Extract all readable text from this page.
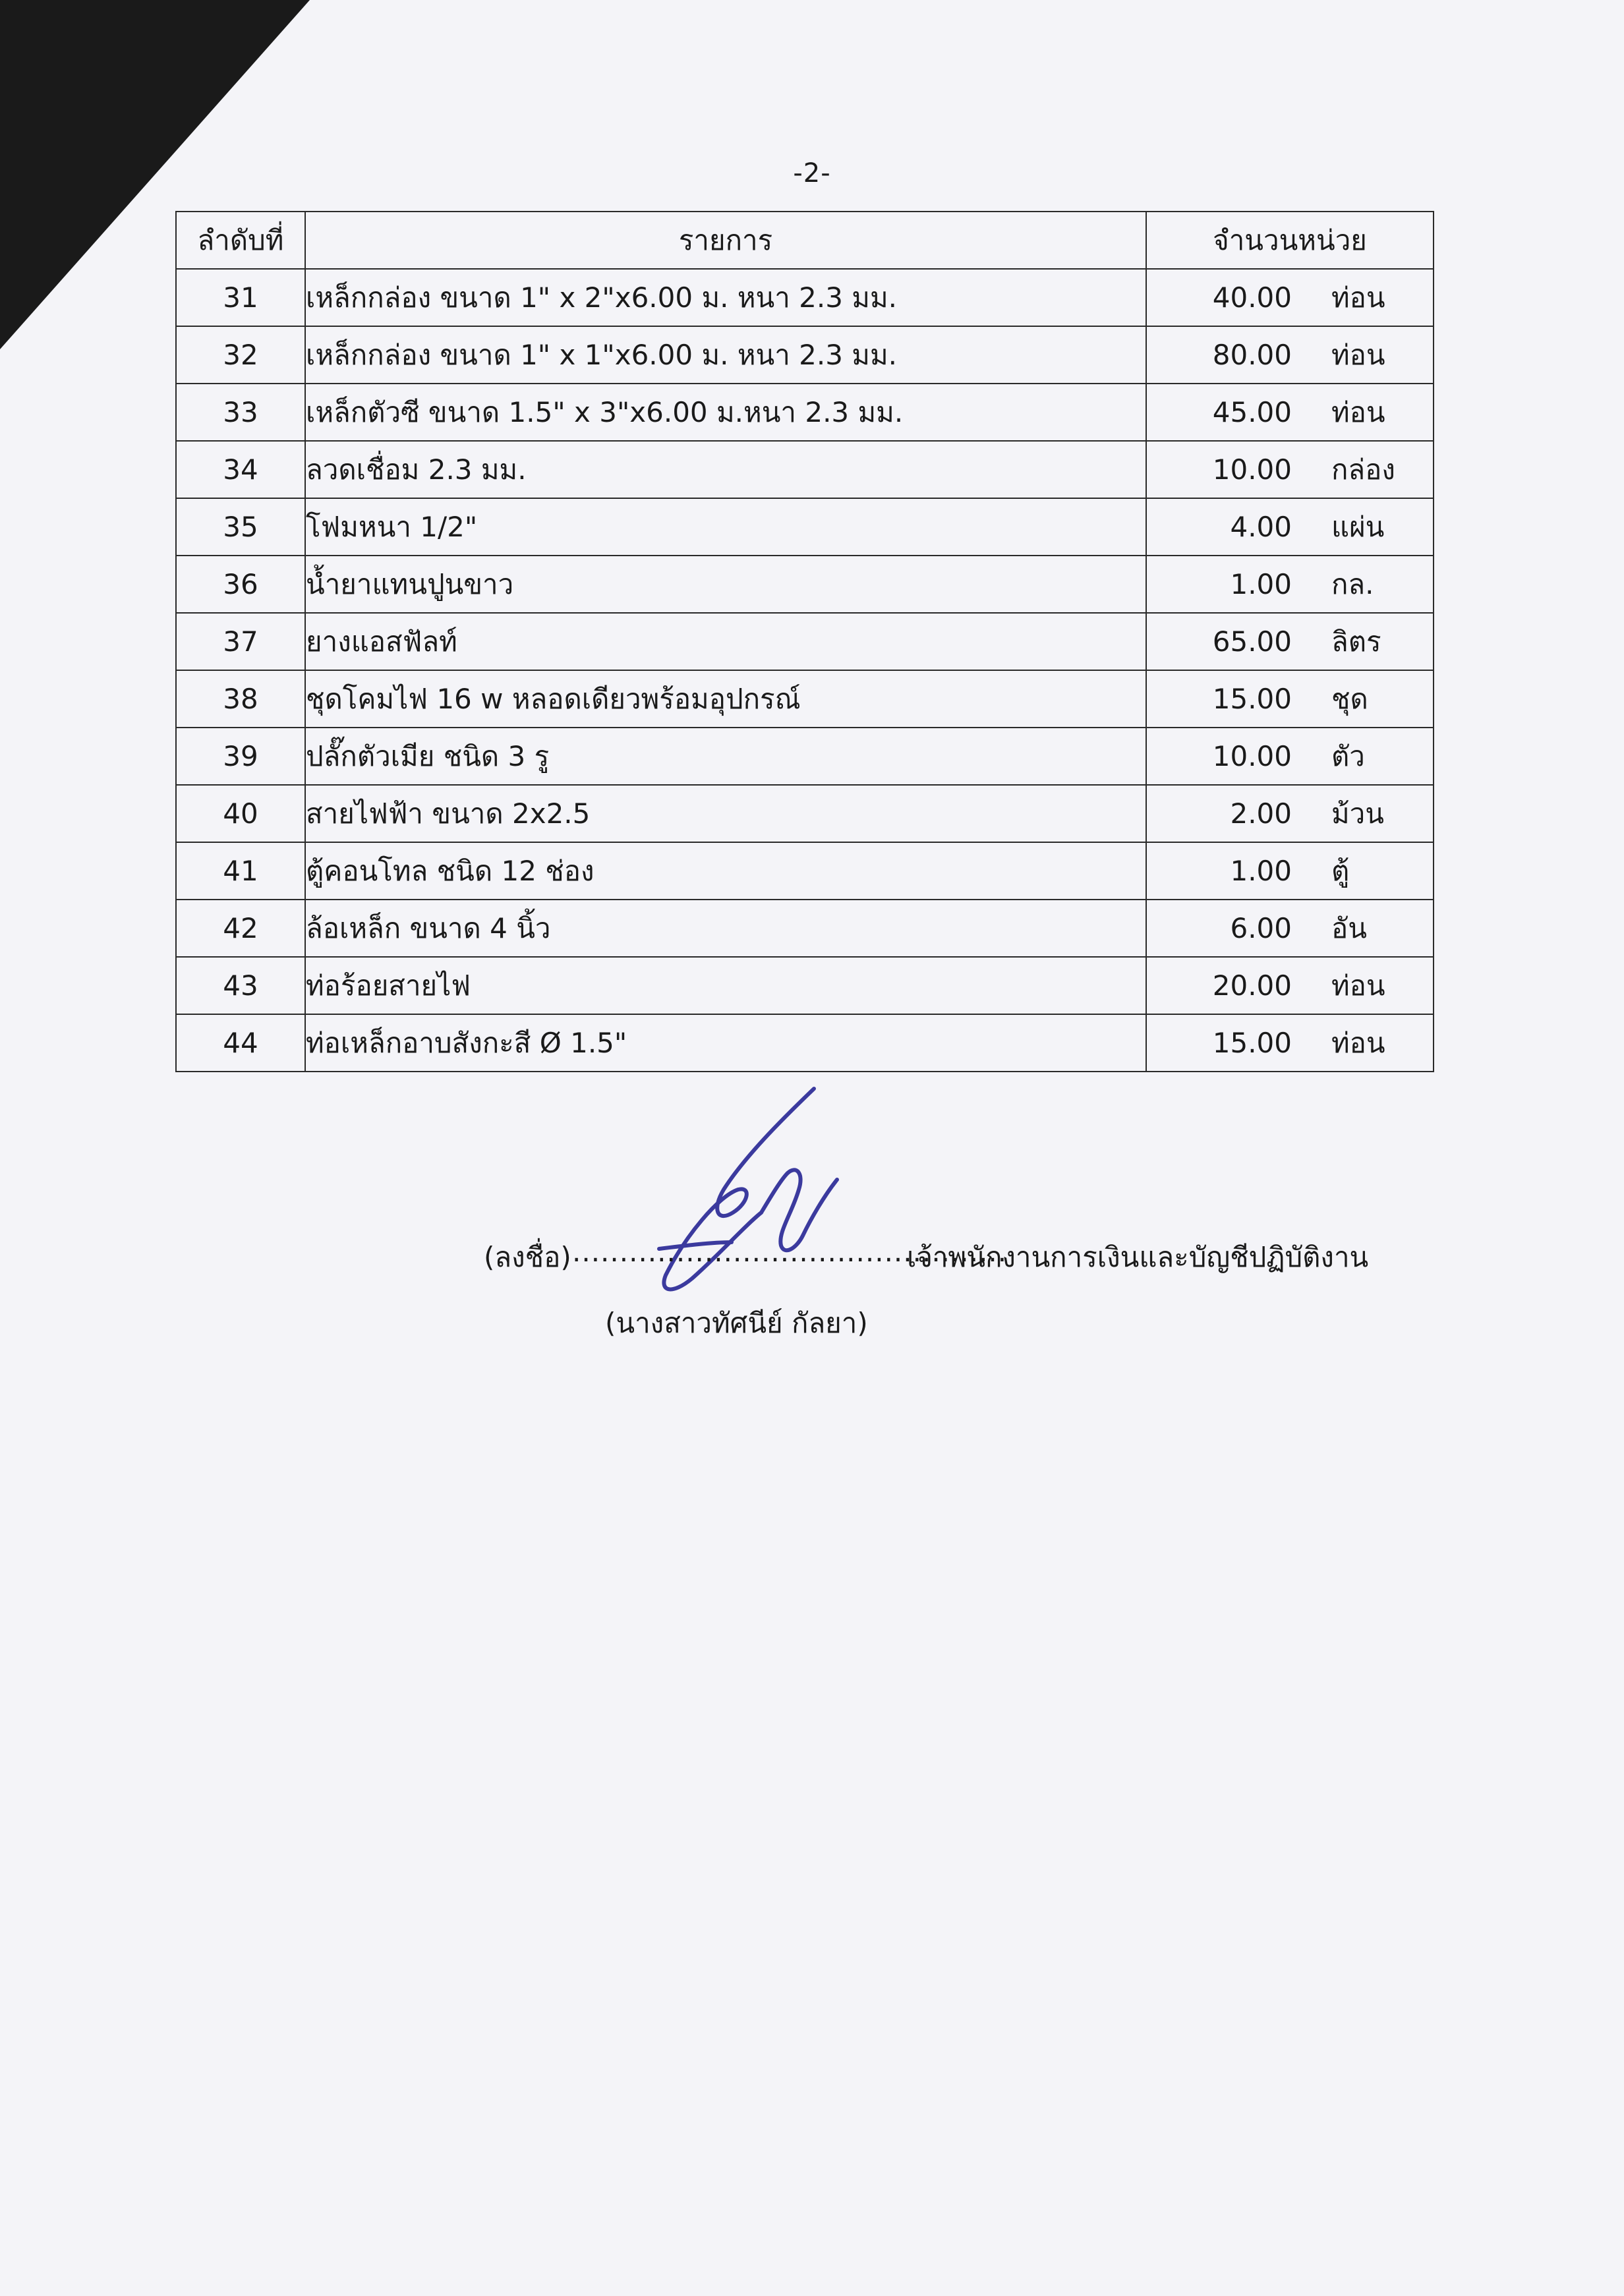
-2-
ลำดับที่	รายการ	จำนวนหน่วย
31	เหล็กกล่อง ขนาด 1" x 2"x6.00 ม. หนา 2.3 มม.	40.00 ท่อน

32	เหล็กกล่อง ขนาด 1" x 1"x6.00 ม. หนา 2.3 มม.	80.00 ท่อน

33	เหล็กตัวซี ขนาด 1.5" x 3"x6.00 ม.หนา 2.3 มม.	45.00 ท่อน

34	ลวดเชื่อม 2.3 มม.	10.00 กล่อง

35	โฟมหนา 1/2"	4.00 แผ่น

36	น้ำยาแทนปูนขาว	1.00 กล.

37	ยางแอสฟัลท์	65.00 ลิตร

38	ชุดโคมไฟ 16 w หลอดเดียวพร้อมอุปกรณ์	15.00 ชุด

39	ปลั๊กตัวเมีย ชนิด 3 รู	10.00 ตัว

40	สายไฟฟ้า ขนาด 2x2.5	2.00 ม้วน

41	ตู้คอนโทล ชนิด 12 ช่อง	1.00 ตู้

42	ล้อเหล็ก ขนาด 4 นิ้ว	6.00 อัน

43	ท่อร้อยสายไฟ	20.00 ท่อน

44	ท่อเหล็กอาบสังกะสี Ø 1.5"	15.00 ท่อน
(ลงชื่อ) ..............................................
เจ้าพนักงานการเงินและบัญชีปฏิบัติงาน
(นางสาวทัศนีย์ กัลยา)
